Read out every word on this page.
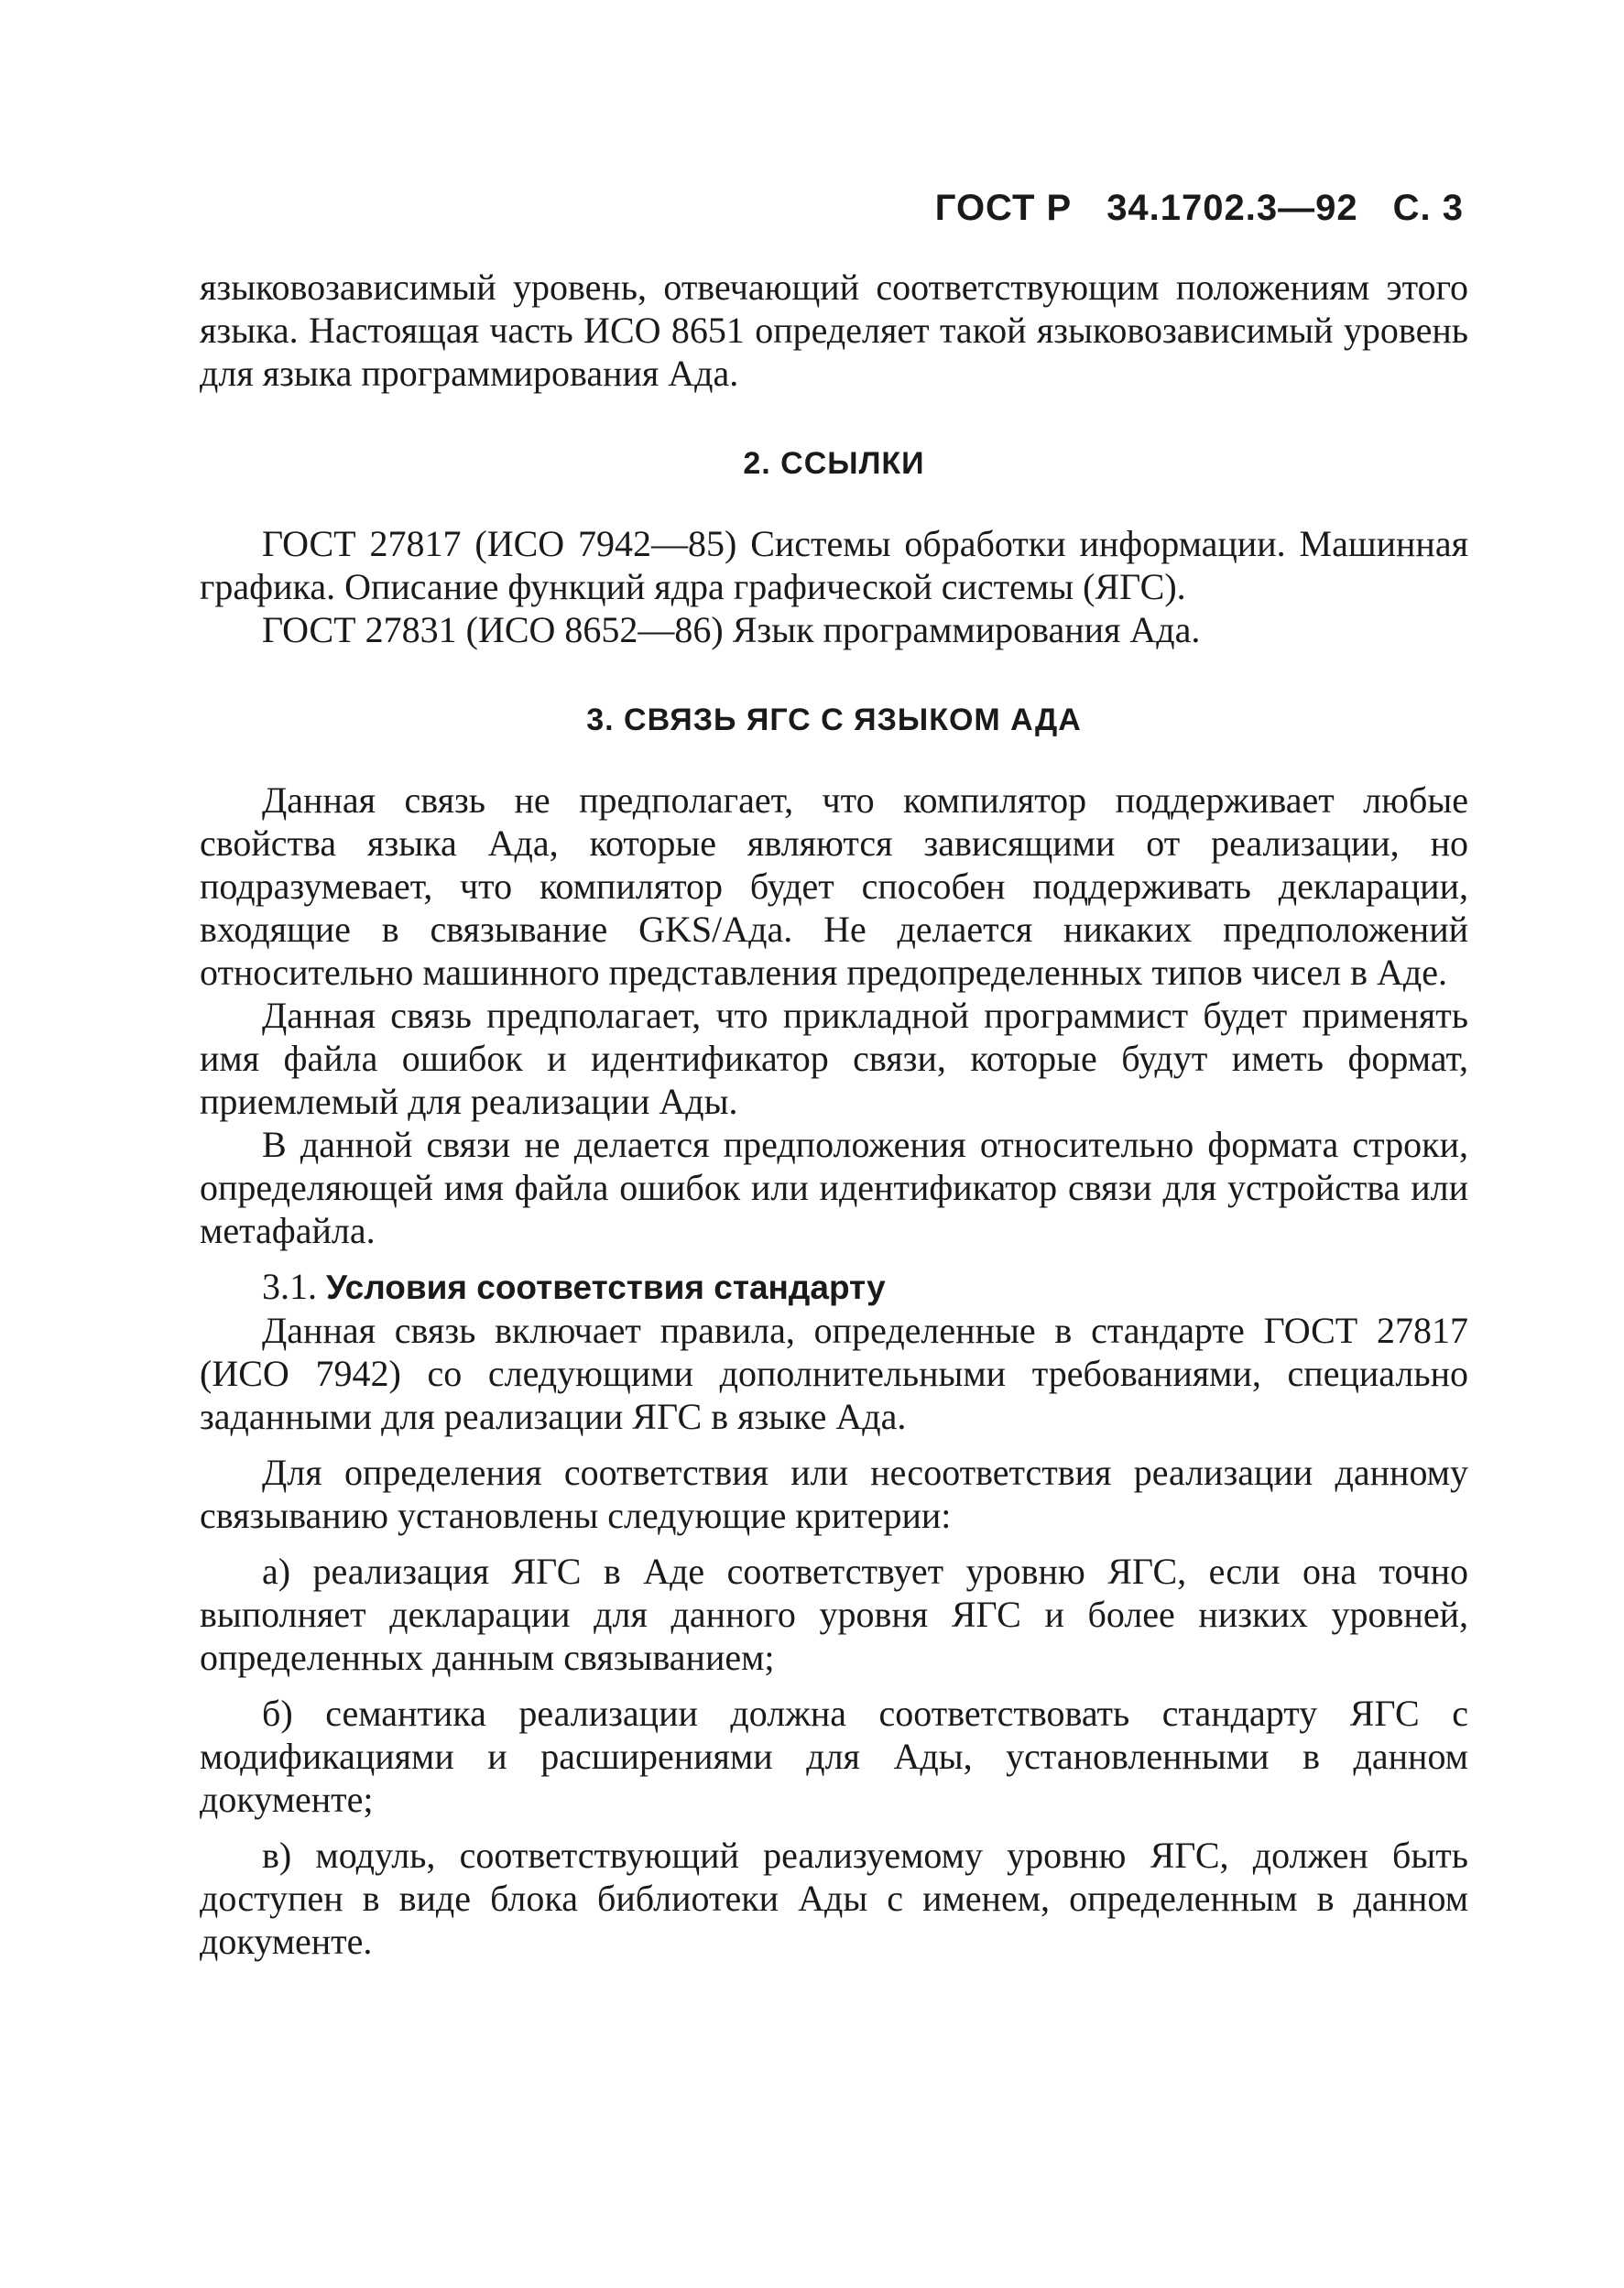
ГОСТ Р 34.1702.3—92 С. 3

языковозависимый уровень, отвечающий соответствующим положениям этого языка. Настоящая часть ИСО 8651 определяет такой языковозависимый уровень для языка программирования Ада.

2. ССЫЛКИ

ГОСТ 27817 (ИСО 7942—85) Системы обработки информации. Машинная графика. Описание функций ядра графической системы (ЯГС).

ГОСТ 27831 (ИСО 8652—86) Язык программирования Ада.

3. СВЯЗЬ ЯГС С ЯЗЫКОМ АДА

Данная связь не предполагает, что компилятор поддерживает любые свойства языка Ада, которые являются зависящими от реализации, но подразумевает, что компилятор будет способен поддерживать декларации, входящие в связывание GKS/Ада. Не делается никаких предположений относительно машинного представления предопределенных типов чисел в Аде.

Данная связь предполагает, что прикладной программист будет применять имя файла ошибок и идентификатор связи, которые будут иметь формат, приемлемый для реализации Ады.

В данной связи не делается предположения относительно формата строки, определяющей имя файла ошибок или идентификатор связи для устройства или метафайла.

3.1. Условия соответствия стандарту

Данная связь включает правила, определенные в стандарте ГОСТ 27817 (ИСО 7942) со следующими дополнительными требованиями, специально заданными для реализации ЯГС в языке Ада.

Для определения соответствия или несоответствия реализации данному связыванию установлены следующие критерии:

а) реализация ЯГС в Аде соответствует уровню ЯГС, если она точно выполняет декларации для данного уровня ЯГС и более низких уровней, определенных данным связыванием;

б) семантика реализации должна соответствовать стандарту ЯГС с модификациями и расширениями для Ады, установленными в данном документе;

в) модуль, соответствующий реализуемому уровню ЯГС, должен быть доступен в виде блока библиотеки Ады с именем, определенным в данном документе.
